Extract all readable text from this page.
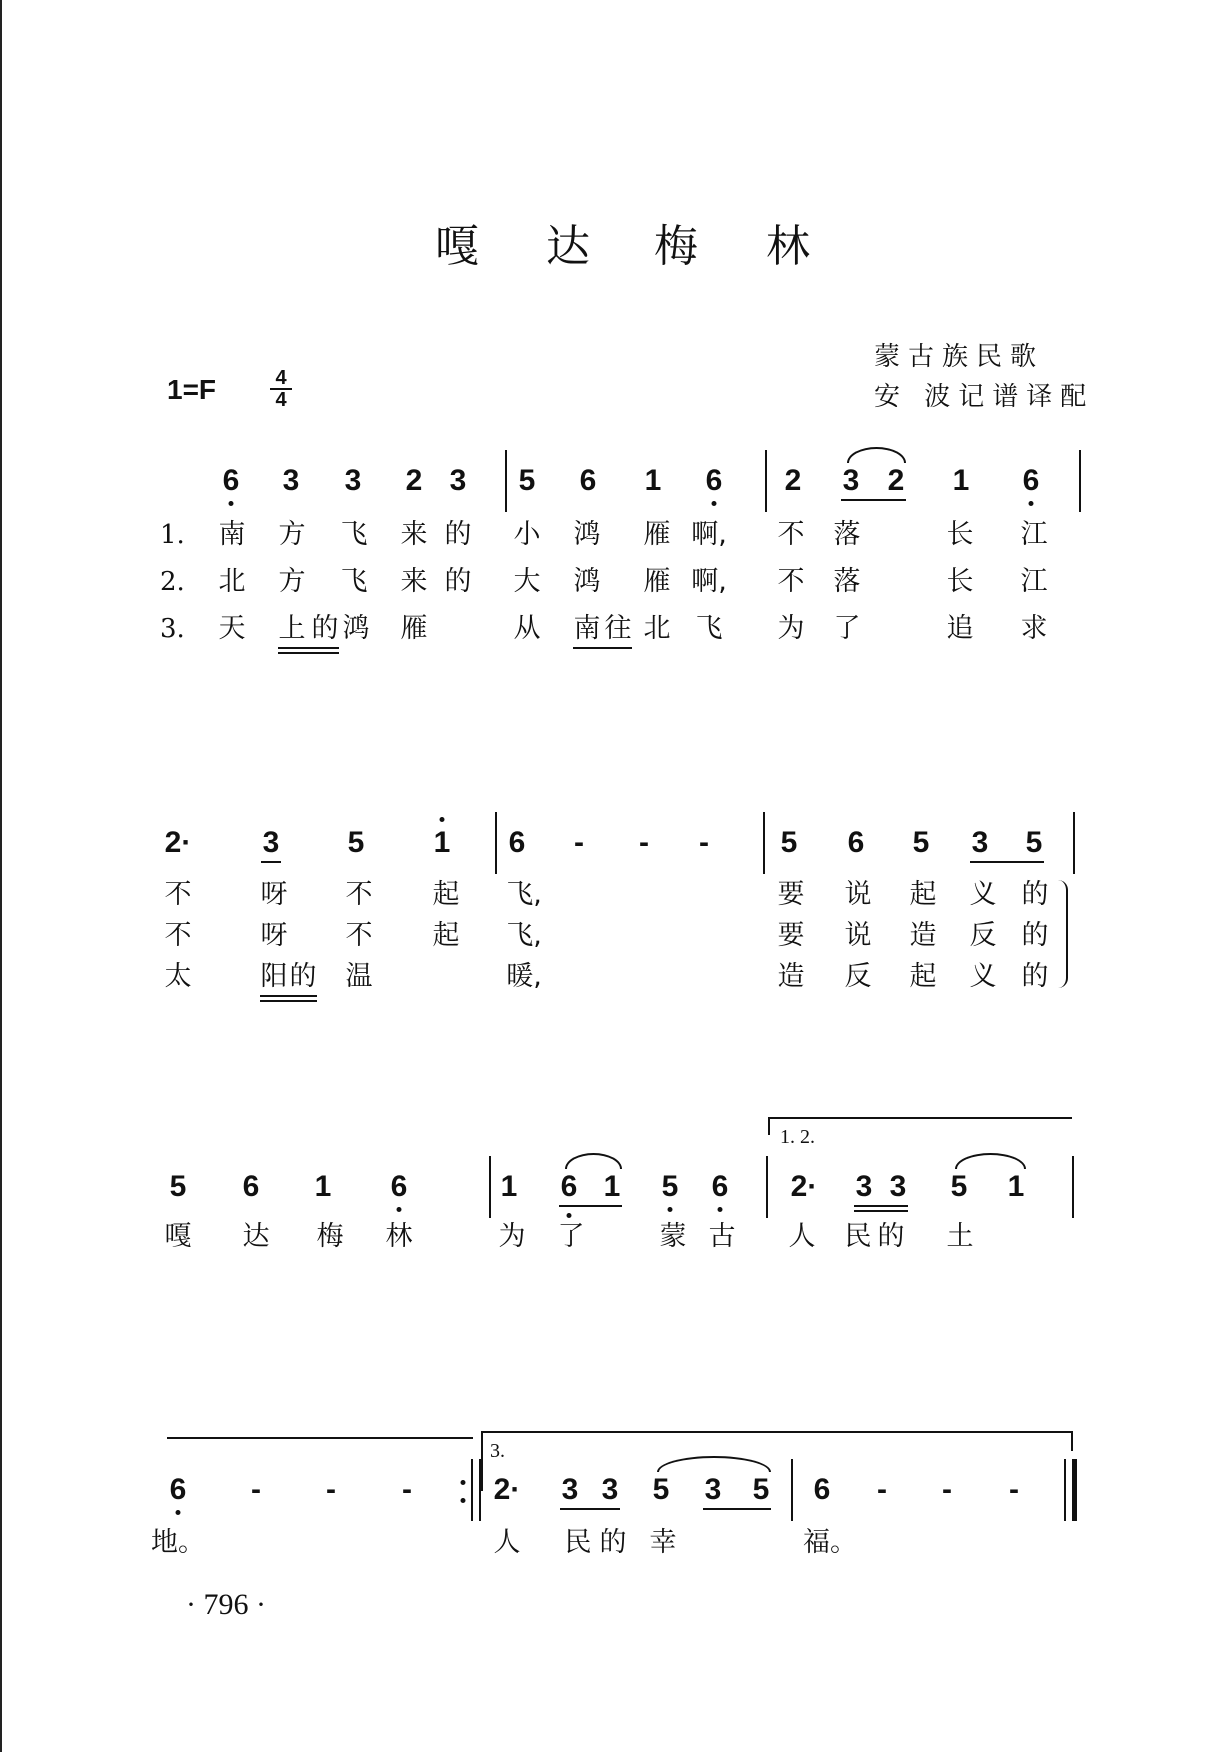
嘎 达 梅 林
蒙古族民歌
安 波记谱译配
1=F	$\frac{4}{4}$
6 3 3 2 3 5 6 1 6 2 3 2 1 6
1. 南 方 飞 来 的 小 鸿 雁 啊, 不 落	长 江
2. 北 方 飞 来 的 大 鸿 雁 啊, 不 落	长 江
3. 天 上 的 鸿 雁	从 南 往 北 飞 为 了	追 求
2· 3 5 1 6 - - - 5 6 5 3 5
不	呀 不 起 飞,	要 说 起 义 的
不	呀 不 起 飞,	要 说 造 反 的
太	阳 的 温	暖,	造 反 起 义 的
5 6 1 6	1 6 1 5 6 2· 3 3 5 1
嘎 达 梅 林	为 了	蒙 古 人 民 的 土
1. 2.
6 - - -	2· 3 3 5 3 5 6 - - -
地。	人 民 的 幸	福。
3.
· 796 ·
